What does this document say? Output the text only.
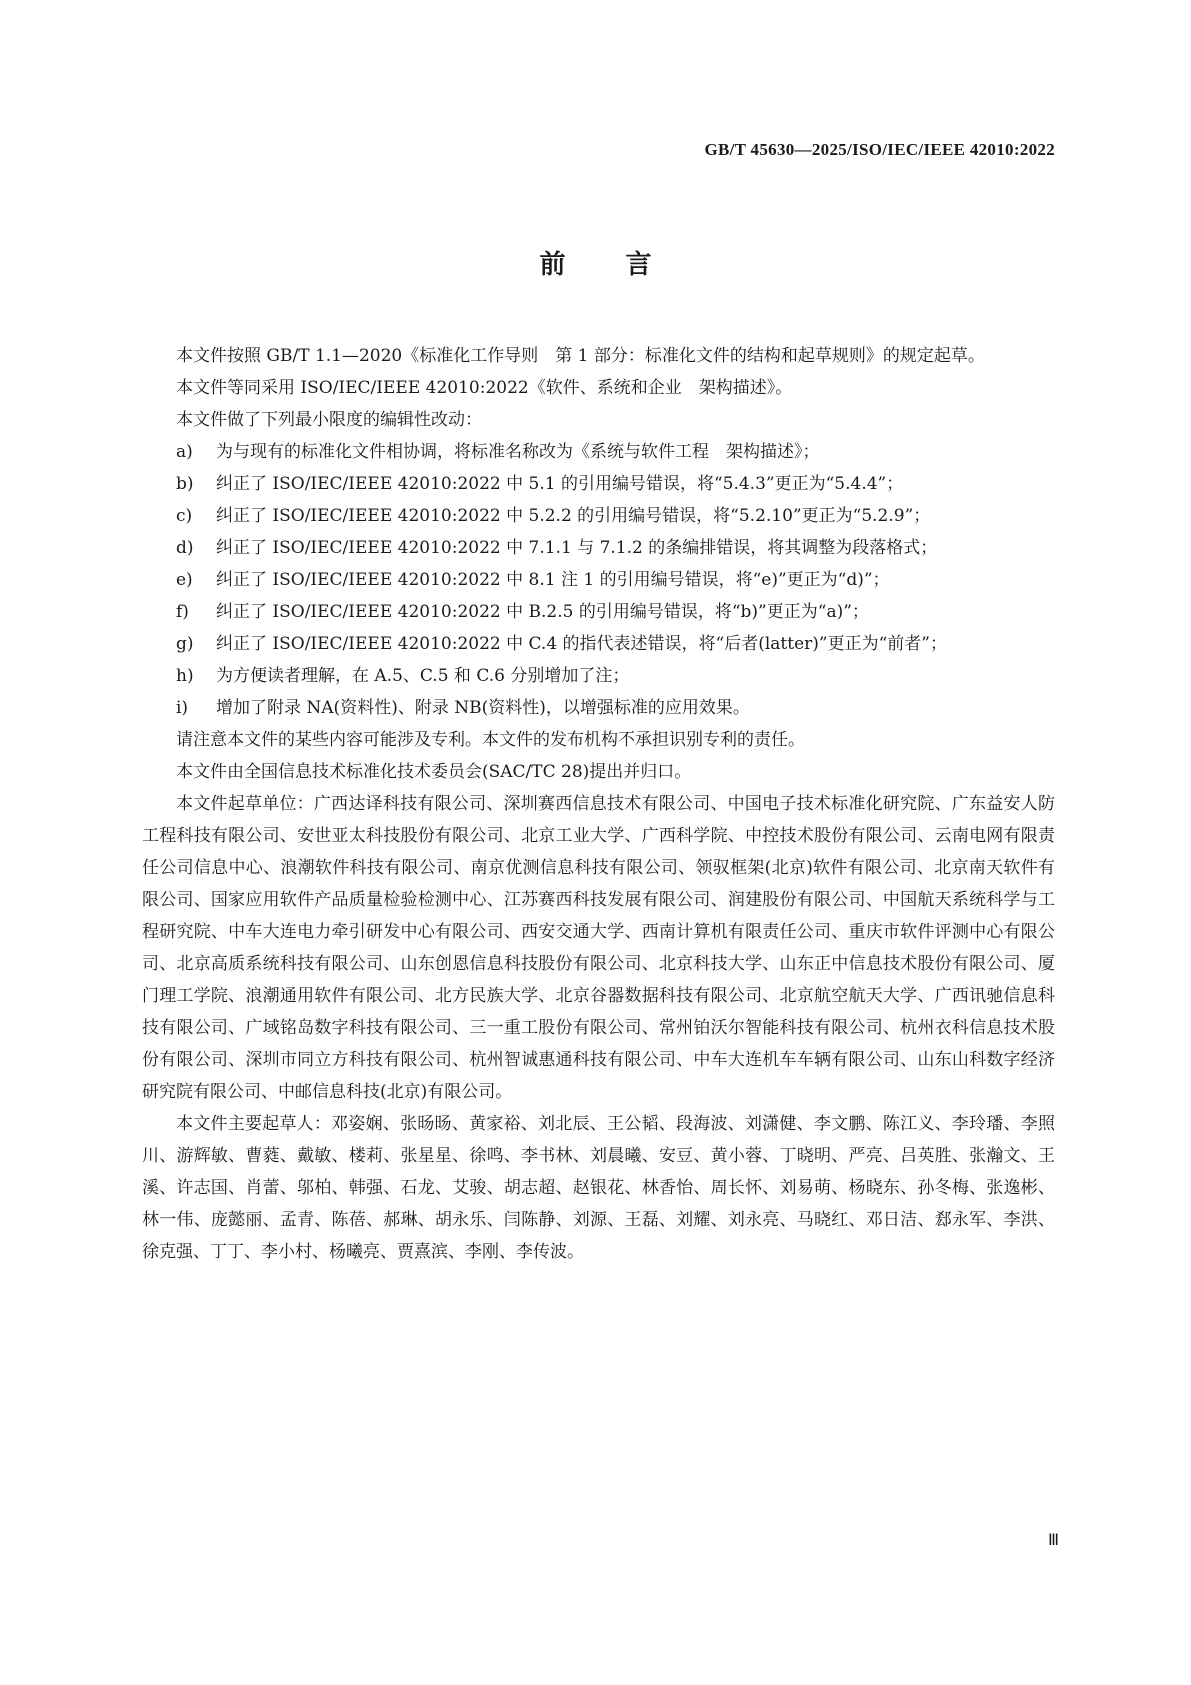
GB/T 45630—2025/ISO/IEC/IEEE 42010:2022
前言

本文件按照 GB/T 1.1—2020《标准化工作导则　第 1 部分：标准化文件的结构和起草规则》的规定起草。

本文件等同采用 ISO/IEC/IEEE 42010:2022《软件、系统和企业　架构描述》。

本文件做了下列最小限度的编辑性改动：

a)	为与现有的标准化文件相协调，将标准名称改为《系统与软件工程　架构描述》；
b)	纠正了 ISO/IEC/IEEE 42010:2022 中 5.1 的引用编号错误，将“5.4.3”更正为“5.4.4”；
c)	纠正了 ISO/IEC/IEEE 42010:2022 中 5.2.2 的引用编号错误，将“5.2.10”更正为“5.2.9”；
d)	纠正了 ISO/IEC/IEEE 42010:2022 中 7.1.1 与 7.1.2 的条编排错误，将其调整为段落格式；
e)	纠正了 ISO/IEC/IEEE 42010:2022 中 8.1 注 1 的引用编号错误，将“e)”更正为“d)”；
f)	纠正了 ISO/IEC/IEEE 42010:2022 中 B.2.5 的引用编号错误，将“b)”更正为“a)”；
g)	纠正了 ISO/IEC/IEEE 42010:2022 中 C.4 的指代表述错误，将“后者(latter)”更正为“前者”；
h)	为方便读者理解，在 A.5、C.5 和 C.6 分别增加了注；
i)	增加了附录 NA(资料性)、附录 NB(资料性)，以增强标准的应用效果。

请注意本文件的某些内容可能涉及专利。本文件的发布机构不承担识别专利的责任。

本文件由全国信息技术标准化技术委员会(SAC/TC 28)提出并归口。

本文件起草单位：广西达译科技有限公司、深圳赛西信息技术有限公司、中国电子技术标准化研究院、广东益安人防工程科技有限公司、安世亚太科技股份有限公司、北京工业大学、广西科学院、中控技术股份有限公司、云南电网有限责任公司信息中心、浪潮软件科技有限公司、南京优测信息科技有限公司、领驭框架(北京)软件有限公司、北京南天软件有限公司、国家应用软件产品质量检验检测中心、江苏赛西科技发展有限公司、润建股份有限公司、中国航天系统科学与工程研究院、中车大连电力牵引研发中心有限公司、西安交通大学、西南计算机有限责任公司、重庆市软件评测中心有限公司、北京高质系统科技有限公司、山东创恩信息科技股份有限公司、北京科技大学、山东正中信息技术股份有限公司、厦门理工学院、浪潮通用软件有限公司、北方民族大学、北京谷器数据科技有限公司、北京航空航天大学、广西讯驰信息科技有限公司、广域铭岛数字科技有限公司、三一重工股份有限公司、常州铂沃尔智能科技有限公司、杭州衣科信息技术股份有限公司、深圳市同立方科技有限公司、杭州智诚惠通科技有限公司、中车大连机车车辆有限公司、山东山科数字经济研究院有限公司、中邮信息科技(北京)有限公司。

本文件主要起草人：邓姿娴、张旸旸、黄家裕、刘北辰、王公韬、段海波、刘潇健、李文鹏、陈江义、李玲璠、李照川、游辉敏、曹蕤、戴敏、楼莉、张星星、徐鸣、李书林、刘晨曦、安豆、黄小蓉、丁晓明、严亮、吕英胜、张瀚文、王溪、许志国、肖蕾、邬柏、韩强、石龙、艾骏、胡志超、赵银花、林香怡、周长怀、刘易萌、杨晓东、孙冬梅、张逸彬、林一伟、庞懿丽、孟青、陈蓓、郝琳、胡永乐、闫陈静、刘源、王磊、刘耀、刘永亮、马晓红、邓日洁、郄永军、李洪、徐克强、丁丁、李小村、杨曦亮、贾熹滨、李刚、李传波。

Ⅲ
